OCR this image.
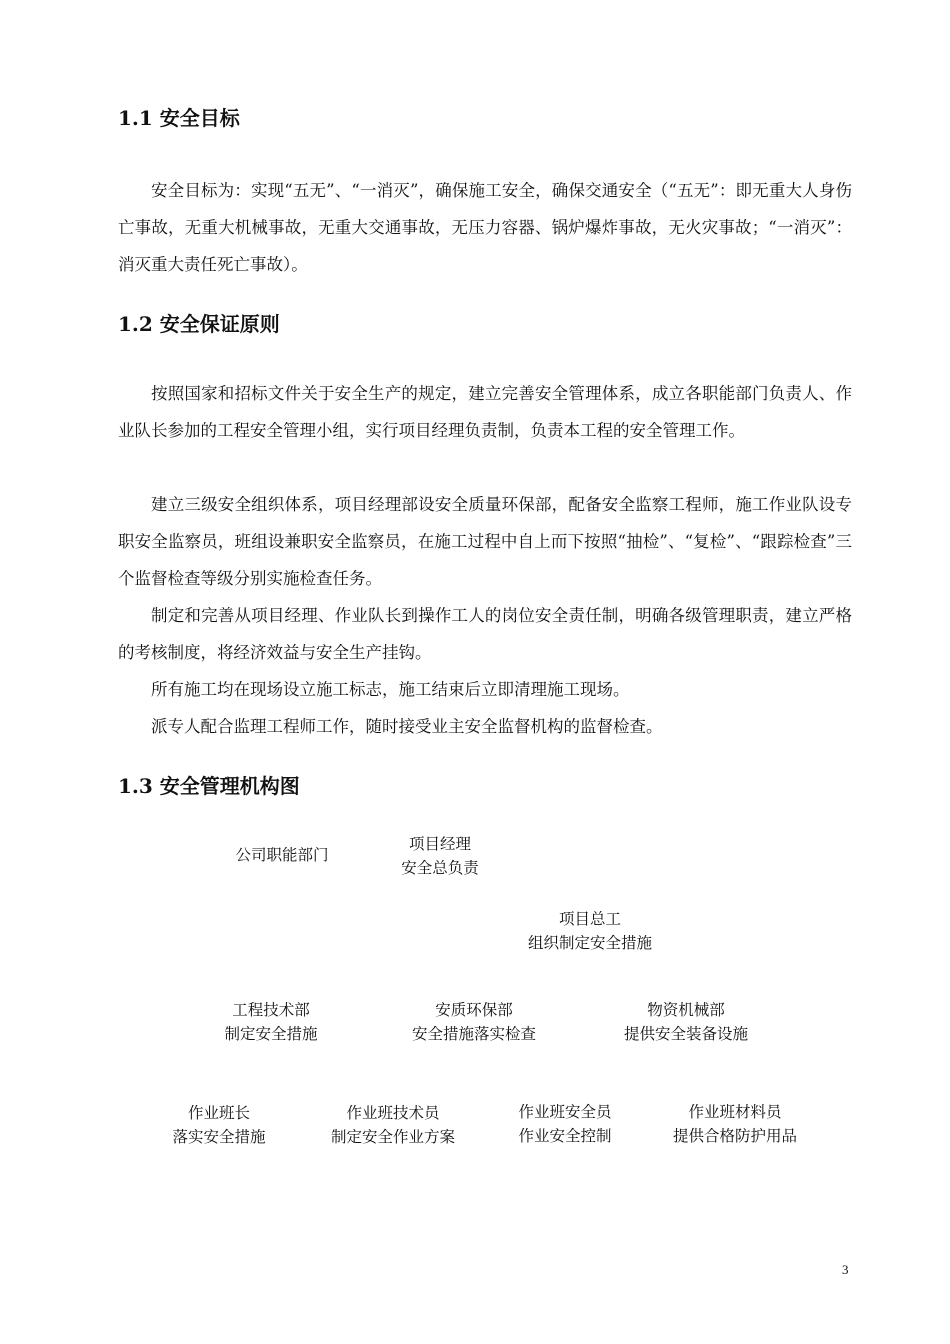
1.1 安全目标

安全目标为：实现“五无”、“一消灭”，确保施工安全，确保交通安全（“五无”：即无重大人身伤亡事故，无重大机械事故，无重大交通事故，无压力容器、锅炉爆炸事故，无火灾事故；“一消灭”：消灭重大责任死亡事故）。

1.2 安全保证原则

按照国家和招标文件关于安全生产的规定，建立完善安全管理体系，成立各职能部门负责人、作业队长参加的工程安全管理小组，实行项目经理负责制，负责本工程的安全管理工作。

建立三级安全组织体系，项目经理部设安全质量环保部，配备安全监察工程师，施工作业队设专职安全监察员，班组设兼职安全监察员，在施工过程中自上而下按照“抽检”、“复检”、“跟踪检查”三个监督检查等级分别实施检查任务。

制定和完善从项目经理、作业队长到操作工人的岗位安全责任制，明确各级管理职责，建立严格的考核制度，将经济效益与安全生产挂钩。

所有施工均在现场设立施工标志，施工结束后立即清理施工现场。

派专人配合监理工程师工作，随时接受业主安全监督机构的监督检查。

1.3 安全管理机构图
公司职能部门
项目经理
安全总负责
项目总工
组织制定安全措施
工程技术部
制定安全措施
安质环保部
安全措施落实检查
物资机械部
提供安全装备设施
作业班长
落实安全措施
作业班技术员
制定安全作业方案
作业班安全员
作业安全控制
作业班材料员
提供合格防护用品
3
